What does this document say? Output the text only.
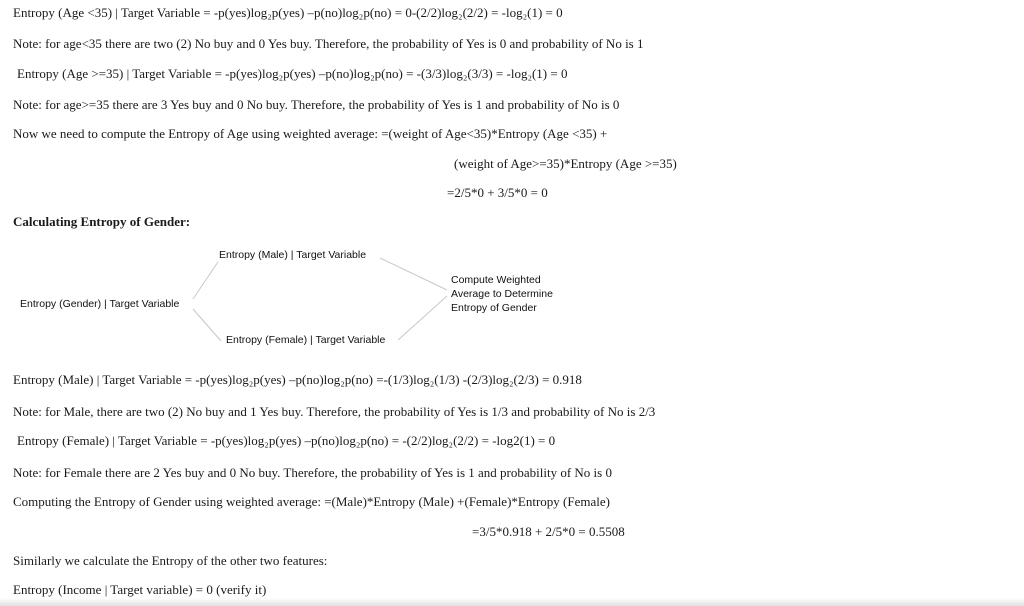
Entropy (Age <35) | Target Variable = -p(yes)log₂p(yes) –p(no)log₂p(no) = 0-(2/2)log₂(2/2) = -log₂(1) = 0
Note: for age<35 there are two (2) No buy and 0 Yes buy. Therefore, the probability of Yes is 0 and probability of No is 1
Entropy (Age >=35) | Target Variable = -p(yes)log₂p(yes) –p(no)log₂p(no) = -(3/3)log₂(3/3) = -log₂(1) = 0
Note: for age>=35 there are 3 Yes buy and 0 No buy. Therefore, the probability of Yes is 1 and probability of No is 0
Now we need to compute the Entropy of Age using weighted average: =(weight of Age<35)*Entropy (Age <35) +
(weight of Age>=35)*Entropy (Age >=35)
=2/5*0 + 3/5*0 = 0
Calculating Entropy of Gender:
Entropy (Male) | Target Variable
Entropy (Gender) | Target Variable
Entropy (Female) | Target Variable
Compute Weighted Average to Determine Entropy of Gender
Entropy (Male) | Target Variable = -p(yes)log₂p(yes) –p(no)log₂p(no) =-(1/3)log₂(1/3) -(2/3)log₂(2/3) = 0.918
Note: for Male, there are two (2) No buy and 1 Yes buy. Therefore, the probability of Yes is 1/3 and probability of No is 2/3
Entropy (Female) | Target Variable = -p(yes)log₂p(yes) –p(no)log₂p(no) = -(2/2)log₂(2/2) = -log2(1) = 0
Note: for Female there are 2 Yes buy and 0 No buy. Therefore, the probability of Yes is 1 and probability of No is 0
Computing the Entropy of Gender using weighted average: =(Male)*Entropy (Male) +(Female)*Entropy (Female)
=3/5*0.918 + 2/5*0 = 0.5508
Similarly we calculate the Entropy of the other two features:
Entropy (Income | Target variable) = 0 (verify it)
